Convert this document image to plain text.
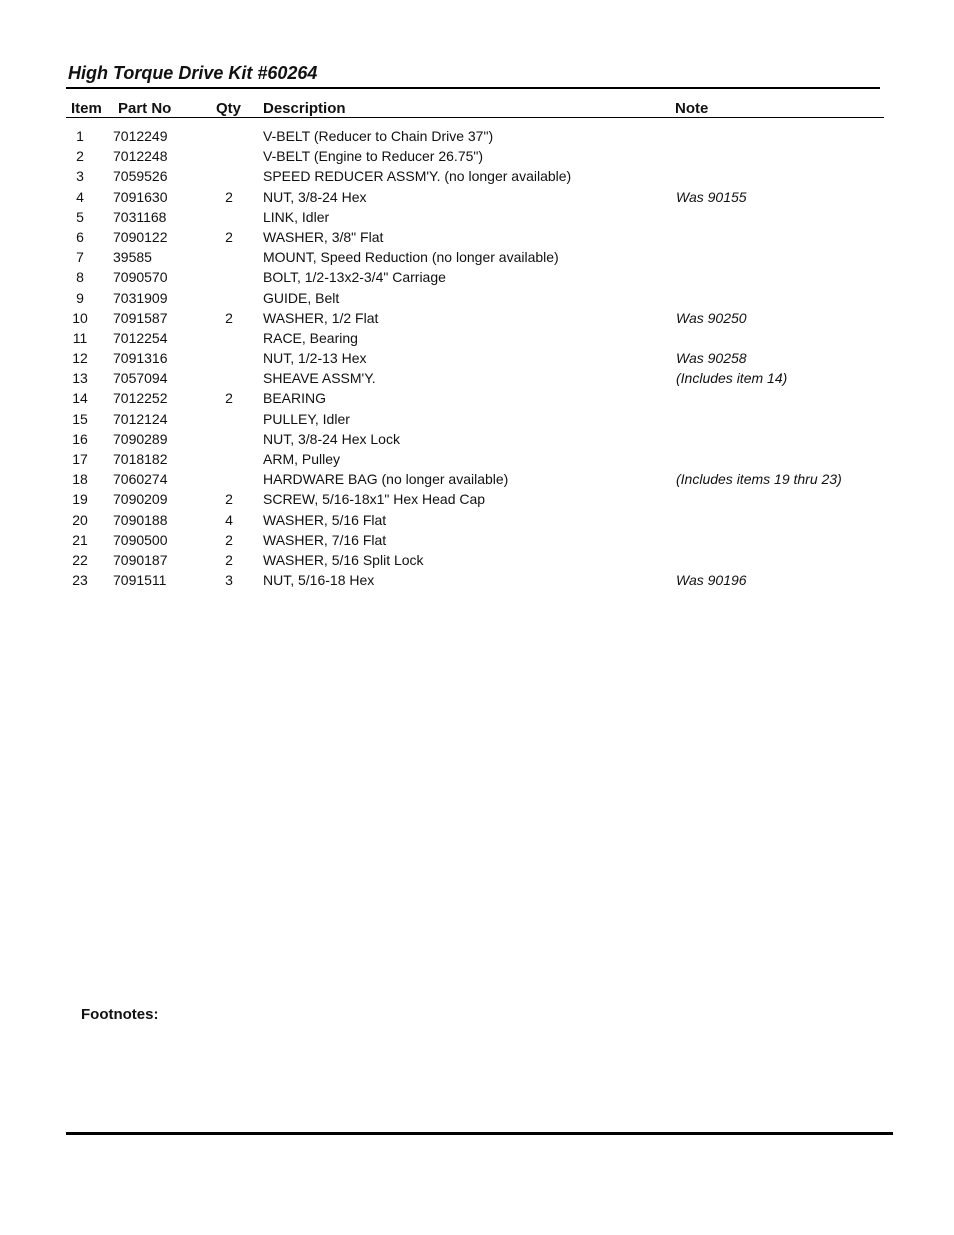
High Torque Drive Kit #60264
Item Part No	Qty Description	Note
1	7012249	V-BELT (Reducer to Chain Drive 37")
2	7012248	V-BELT (Engine to Reducer 26.75")
3	7059526	SPEED REDUCER ASSM'Y. (no longer available)
4	7091630	2	NUT, 3/8-24 Hex	Was 90155
5	7031168	LINK, Idler
6	7090122	2	WASHER, 3/8" Flat
7	39585	MOUNT, Speed Reduction (no longer available)
8	7090570	BOLT, 1/2-13x2-3/4" Carriage
9	7031909	GUIDE, Belt
10 7091587	2	WASHER, 1/2 Flat	Was 90250
11 7012254	RACE, Bearing
12 7091316	NUT, 1/2-13 Hex	Was 90258
13 7057094	SHEAVE ASSM'Y.	(Includes item 14)
14 7012252	2	BEARING
15 7012124	PULLEY, Idler
16 7090289	NUT, 3/8-24 Hex Lock
17 7018182	ARM, Pulley
18 7060274	HARDWARE BAG (no longer available)	(Includes items 19 thru 23)
19 7090209	2	SCREW, 5/16-18x1" Hex Head Cap
20 7090188	4	WASHER, 5/16 Flat
21 7090500	2	WASHER, 7/16 Flat
22 7090187	2	WASHER, 5/16 Split Lock
23 7091511	3	NUT, 5/16-18 Hex	Was 90196
Footnotes:
